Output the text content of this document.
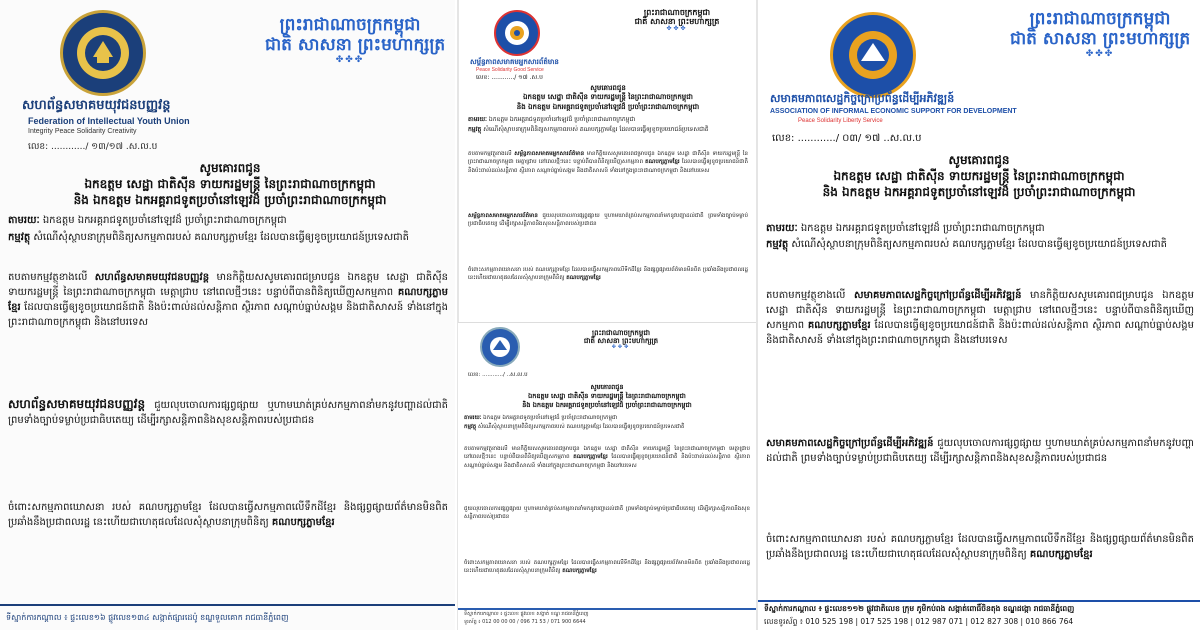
ព្រះរាជាណាចក្រកម្ពុជា
ជាតិ សាសនា ព្រះមហាក្សត្រ
✤✤✤
សហព័ន្ធសមាគមយុវជនបញ្ញវន្ត
Federation of Intellectual Youth Union
Integrity Peace Solidarity Creativity
លេខ: ............/ ១៣/១៧ .ស.ល.ប
សូមគោរពជូន
ឯកឧត្តម សេដ្ឋា ជាតិស៊ីន ទាយករដ្ឋមន្ត្រី នៃព្រះរាជាណាចក្រកម្ពុជា
និង ឯកឧត្តម ឯកអគ្គរាជទូតប្រចាំនៅឡេវដ៏ ប្រចាំព្រះរាជាណាចក្រកម្ពុជា
តាមរយៈ ឯកឧត្តម ឯកអគ្គរាជទូតប្រចាំនៅឡេវដ៏ ប្រចាំព្រះរាជាណាចក្រកម្ពុជា
កម្មវត្ថុ សំណើសុំស្ថាបនាក្រុមពិនិត្យសកម្មភាពរបស់ គណបក្សភ្លាមខ្មែរ ដែលបានធ្វើឲ្យខូចប្រយោជន៍ប្រទេសជាតិ
តបតាមកម្មវត្ថុខាងលើ សហព័ន្ធសមាគមយុវជនបញ្ញវន្ត មានកិត្តិយសសូមគោរពជម្រាបជូន ឯកឧត្តម សេដ្ឋា ជាតិស៊ីន ទាយករដ្ឋមន្ត្រី នៃព្រះរាជាណាចក្រកម្ពុជា មេត្តាជ្រាប នៅពេលថ្មីៗនេះ បន្ទាប់ពីបានពិនិត្យឃើញសកម្មភាព គណបក្សភ្លាមខ្មែរ ដែលបានធ្វើឲ្យខូចប្រយោជន៍ជាតិ និងប៉ះពាល់ដល់សន្តិភាព ស្ថិរភាព សណ្តាប់ធ្នាប់សង្គម និងជាតិសាសន៍ ទាំងនៅក្នុងព្រះរាជាណាចក្រកម្ពុជា និងនៅបរទេស
សហព័ន្ធសមាគមយុវជនបញ្ញវន្ត ជួយលុបចោលការផ្សព្វផ្សាយ ឬហាមឃាត់គ្រប់សកម្មភាពនាំមកនូវបញ្ហាដល់ជាតិ ព្រមទាំងច្បាប់ទម្លាប់ប្រជាធិបតេយ្យ ដើម្បីរក្សាសន្តិភាពនិងសុខសន្តិភាពរបស់ប្រជាជន
ចំពោះសកម្មភាពឃោសនា របស់ គណបក្សភ្លាមខ្មែរ ដែលបានធ្វើសកម្មភាពលើទឹកដីខ្មែរ និងផ្សព្វផ្សាយព័ត៌មានមិនពិត ប្រឆាំងនឹងប្រជាពលរដ្ឋ នេះហើយជាហេតុផលដែលសុំស្ថាបនាក្រុមពិនិត្យ គណបក្សភ្លាមខ្មែរ
ទីស្នាក់ការកណ្តាល ៖ ផ្ទះលេខ១៦ ផ្លូវលេខ១៣៤ សង្កាត់ផ្សារដេប៉ូ ខណ្ឌទួលគោក រាជធានីភ្នំពេញ
ព្រះរាជាណាចក្រកម្ពុជា
ជាតិ សាសនា ព្រះមហាក្សត្រ
✤✤✤
សម្ព័ន្ធភាពសមាគមអ្នកសារព័ត៌មាន
Peace Solidarity Good Service
លេខ: ............/ ១៧ .ស.ប
សូមគោរពជូន
ឯកឧត្តម សេដ្ឋា ជាតិស៊ីន ទាយករដ្ឋមន្ត្រី នៃព្រះរាជាណាចក្រកម្ពុជា
និង ឯកឧត្តម ឯកអគ្គរាជទូតប្រចាំនៅឡេវដ៏ ប្រចាំព្រះរាជាណាចក្រកម្ពុជា
តាមរយៈ ឯកឧត្តម ឯកអគ្គរាជទូតប្រចាំនៅឡេវដ៏ ប្រចាំព្រះរាជាណាចក្រកម្ពុជា
កម្មវត្ថុ សំណើសុំស្ថាបនាក្រុមពិនិត្យសកម្មភាពរបស់ គណបក្សភ្លាមខ្មែរ ដែលបានធ្វើឲ្យខូចប្រយោជន៍ប្រទេសជាតិ
តបតាមកម្មវត្ថុខាងលើ សម្ព័ន្ធភាពសមាគមអ្នកសារព័ត៌មាន មានកិត្តិយសសូមគោរពជម្រាបជូន ឯកឧត្តម សេដ្ឋា ជាតិស៊ីន ទាយករដ្ឋមន្ត្រី នៃព្រះរាជាណាចក្រកម្ពុជា មេត្តាជ្រាប នៅពេលថ្មីៗនេះ បន្ទាប់ពីបានពិនិត្យឃើញសកម្មភាព គណបក្សភ្លាមខ្មែរ ដែលបានធ្វើឲ្យខូចប្រយោជន៍ជាតិ និងប៉ះពាល់ដល់សន្តិភាព ស្ថិរភាព សណ្តាប់ធ្នាប់សង្គម និងជាតិសាសន៍ ទាំងនៅក្នុងព្រះរាជាណាចក្រកម្ពុជា និងនៅបរទេស
សម្ព័ន្ធភាពសមាគមអ្នកសារព័ត៌មាន ជួយលុបចោលការផ្សព្វផ្សាយ ឬហាមឃាត់គ្រប់សកម្មភាពនាំមកនូវបញ្ហាដល់ជាតិ ព្រមទាំងច្បាប់ទម្លាប់ប្រជាធិបតេយ្យ ដើម្បីរក្សាសន្តិភាពនិងសុខសន្តិភាពរបស់ប្រជាជន
ចំពោះសកម្មភាពឃោសនា របស់ គណបក្សភ្លាមខ្មែរ ដែលបានធ្វើសកម្មភាពលើទឹកដីខ្មែរ និងផ្សព្វផ្សាយព័ត៌មានមិនពិត ប្រឆាំងនឹងប្រជាពលរដ្ឋ នេះហើយជាហេតុផលដែលសុំស្ថាបនាក្រុមពិនិត្យ គណបក្សភ្លាមខ្មែរ
ព្រះរាជាណាចក្រកម្ពុជា
ជាតិ សាសនា ព្រះមហាក្សត្រ
✤✤✤
លេខ: ............/ ..ស.ល.ប
សូមគោរពជូន
ឯកឧត្តម សេដ្ឋា ជាតិស៊ីន ទាយករដ្ឋមន្ត្រី នៃព្រះរាជាណាចក្រកម្ពុជា
និង ឯកឧត្តម ឯកអគ្គរាជទូតប្រចាំនៅឡេវដ៏ ប្រចាំព្រះរាជាណាចក្រកម្ពុជា
តាមរយៈ ឯកឧត្តម ឯកអគ្គរាជទូតប្រចាំនៅឡេវដ៏ ប្រចាំព្រះរាជាណាចក្រកម្ពុជា
កម្មវត្ថុ សំណើសុំស្ថាបនាក្រុមពិនិត្យសកម្មភាពរបស់ គណបក្សភ្លាមខ្មែរ ដែលបានធ្វើឲ្យខូចប្រយោជន៍ប្រទេសជាតិ
តបតាមកម្មវត្ថុខាងលើ មានកិត្តិយសសូមគោរពជម្រាបជូន ឯកឧត្តម សេដ្ឋា ជាតិស៊ីន ទាយករដ្ឋមន្ត្រី នៃព្រះរាជាណាចក្រកម្ពុជា មេត្តាជ្រាប នៅពេលថ្មីៗនេះ បន្ទាប់ពីបានពិនិត្យឃើញសកម្មភាព គណបក្សភ្លាមខ្មែរ ដែលបានធ្វើឲ្យខូចប្រយោជន៍ជាតិ និងប៉ះពាល់ដល់សន្តិភាព ស្ថិរភាព សណ្តាប់ធ្នាប់សង្គម និងជាតិសាសន៍ ទាំងនៅក្នុងព្រះរាជាណាចក្រកម្ពុជា និងនៅបរទេស
ជួយលុបចោលការផ្សព្វផ្សាយ ឬហាមឃាត់គ្រប់សកម្មភាពនាំមកនូវបញ្ហាដល់ជាតិ ព្រមទាំងច្បាប់ទម្លាប់ប្រជាធិបតេយ្យ ដើម្បីរក្សាសន្តិភាពនិងសុខសន្តិភាពរបស់ប្រជាជន
ចំពោះសកម្មភាពឃោសនា របស់ គណបក្សភ្លាមខ្មែរ ដែលបានធ្វើសកម្មភាពលើទឹកដីខ្មែរ និងផ្សព្វផ្សាយព័ត៌មានមិនពិត ប្រឆាំងនឹងប្រជាពលរដ្ឋ នេះហើយជាហេតុផលដែលសុំស្ថាបនាក្រុមពិនិត្យ គណបក្សភ្លាមខ្មែរ
ទីស្នាក់ការកណ្តាល ៖ ផ្ទះលេខ ផ្លូវលេខ សង្កាត់ ខណ្ឌ រាជធានីភ្នំពេញ
ទូរស័ព្ទ ៖ 012 00 00 00 / 096 71 53 / 071 900 6644
ព្រះរាជាណាចក្រកម្ពុជា
ជាតិ សាសនា ព្រះមហាក្សត្រ
✤✤✤
សមាគមភាពសេដ្ឋកិច្ចក្រៅប្រព័ន្ធដើម្បីអភិវឌ្ឍន៍
ASSOCIATION OF INFORMAL ECONOMIC SUPPORT FOR DEVELOPMENT
Peace Solidarity Liberty Service
លេខ: ............/ ០៣/ ១៧ ..ស.ល.ប
សូមគោរពជូន
ឯកឧត្តម សេដ្ឋា ជាតិស៊ីន ទាយករដ្ឋមន្ត្រី នៃព្រះរាជាណាចក្រកម្ពុជា
និង ឯកឧត្តម ឯកអគ្គរាជទូតប្រចាំនៅឡេវដ៏ ប្រចាំព្រះរាជាណាចក្រកម្ពុជា
តាមរយៈ ឯកឧត្តម ឯកអគ្គរាជទូតប្រចាំនៅឡេវដ៏ ប្រចាំព្រះរាជាណាចក្រកម្ពុជា
កម្មវត្ថុ សំណើសុំស្ថាបនាក្រុមពិនិត្យសកម្មភាពរបស់ គណបក្សភ្លាមខ្មែរ ដែលបានធ្វើឲ្យខូចប្រយោជន៍ប្រទេសជាតិ
តបតាមកម្មវត្ថុខាងលើ សមាគមភាពសេដ្ឋកិច្ចក្រៅប្រព័ន្ធដើម្បីអភិវឌ្ឍន៍ មានកិត្តិយសសូមគោរពជម្រាបជូន ឯកឧត្តម សេដ្ឋា ជាតិស៊ីន ទាយករដ្ឋមន្ត្រី នៃព្រះរាជាណាចក្រកម្ពុជា មេត្តាជ្រាប នៅពេលថ្មីៗនេះ បន្ទាប់ពីបានពិនិត្យឃើញសកម្មភាព គណបក្សភ្លាមខ្មែរ ដែលបានធ្វើឲ្យខូចប្រយោជន៍ជាតិ និងប៉ះពាល់ដល់សន្តិភាព ស្ថិរភាព សណ្តាប់ធ្នាប់សង្គម និងជាតិសាសន៍ ទាំងនៅក្នុងព្រះរាជាណាចក្រកម្ពុជា និងនៅបរទេស
សមាគមភាពសេដ្ឋកិច្ចក្រៅប្រព័ន្ធដើម្បីអភិវឌ្ឍន៍ ជួយលុបចោលការផ្សព្វផ្សាយ ឬហាមឃាត់គ្រប់សកម្មភាពនាំមកនូវបញ្ហាដល់ជាតិ ព្រមទាំងច្បាប់ទម្លាប់ប្រជាធិបតេយ្យ ដើម្បីរក្សាសន្តិភាពនិងសុខសន្តិភាពរបស់ប្រជាជន
ចំពោះសកម្មភាពឃោសនា របស់ គណបក្សភ្លាមខ្មែរ ដែលបានធ្វើសកម្មភាពលើទឹកដីខ្មែរ និងផ្សព្វផ្សាយព័ត៌មានមិនពិត ប្រឆាំងនឹងប្រជាពលរដ្ឋ នេះហើយជាហេតុផលដែលសុំស្ថាបនាក្រុមពិនិត្យ គណបក្សភ្លាមខ្មែរ
ទីស្នាក់ការកណ្តាល ៖ ផ្ទះលេខ១១២ ផ្លូវជាតិលេខ ក្រុម ភូមិកប់ពង សង្កាត់ពោធិ៍ចិនតុង ខណ្ឌដង្កោ រាជធានីភ្នំពេញ
លេខទូរស័ព្ទ ៖ 010 525 198 | 017 525 198 | 012 987 071 | 012 827 308 | 010 866 764
